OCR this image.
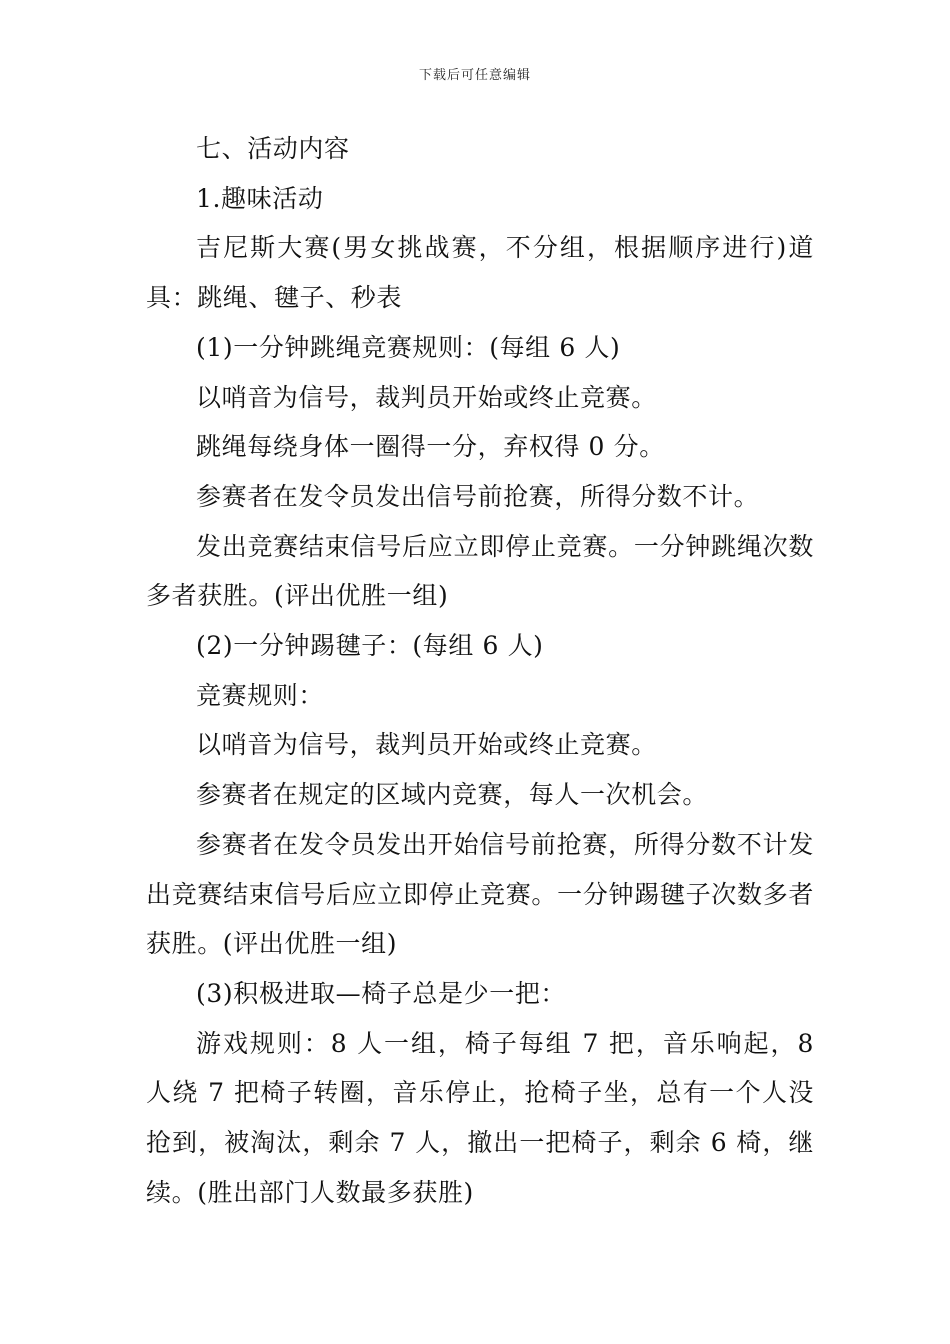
下载后可任意编辑

七、活动内容

1.趣味活动

吉尼斯大赛(男女挑战赛，不分组，根据顺序进行)道具：跳绳、毽子、秒表

(1)一分钟跳绳竞赛规则：(每组 6 人)

以哨音为信号，裁判员开始或终止竞赛。

跳绳每绕身体一圈得一分，弃权得 0 分。

参赛者在发令员发出信号前抢赛，所得分数不计。

发出竞赛结束信号后应立即停止竞赛。一分钟跳绳次数多者获胜。(评出优胜一组)

(2)一分钟踢毽子：(每组 6 人)

竞赛规则：

以哨音为信号，裁判员开始或终止竞赛。

参赛者在规定的区域内竞赛，每人一次机会。

参赛者在发令员发出开始信号前抢赛，所得分数不计发出竞赛结束信号后应立即停止竞赛。一分钟踢毽子次数多者获胜。(评出优胜一组)

(3)积极进取—椅子总是少一把：

游戏规则：8 人一组，椅子每组 7 把，音乐响起，8 人绕 7 把椅子转圈，音乐停止，抢椅子坐，总有一个人没抢到，被淘汰，剩余 7 人，撤出一把椅子，剩余 6 椅，继续。(胜出部门人数最多获胜)
